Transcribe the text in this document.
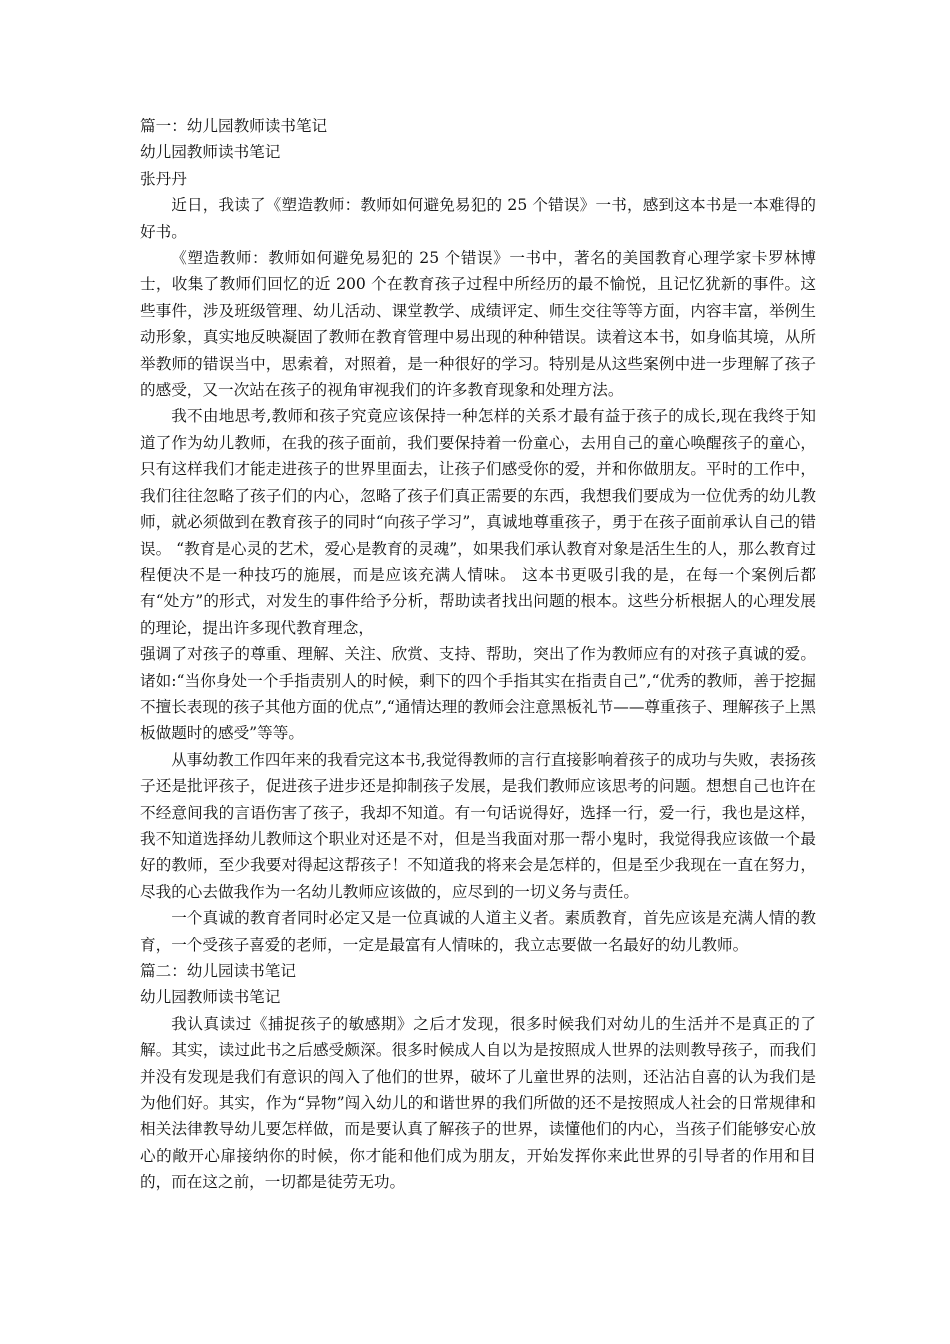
篇一：幼儿园教师读书笔记

幼儿园教师读书笔记

张丹丹

近日，我读了《塑造教师：教师如何避免易犯的 25 个错误》一书，感到这本书是一本难得的好书。

《塑造教师：教师如何避免易犯的 25 个错误》一书中，著名的美国教育心理学家卡罗林博士，收集了教师们回忆的近 200 个在教育孩子过程中所经历的最不愉悦，且记忆犹新的事件。这些事件，涉及班级管理、幼儿活动、课堂教学、成绩评定、师生交往等等方面，内容丰富，举例生动形象，真实地反映凝固了教师在教育管理中易出现的种种错误。读着这本书，如身临其境，从所举教师的错误当中，思索着，对照着，是一种很好的学习。特别是从这些案例中进一步理解了孩子的感受，又一次站在孩子的视角审视我们的许多教育现象和处理方法。

我不由地思考,教师和孩子究竟应该保持一种怎样的关系才最有益于孩子的成长,现在我终于知道了作为幼儿教师，在我的孩子面前，我们要保持着一份童心，去用自己的童心唤醒孩子的童心，只有这样我们才能走进孩子的世界里面去，让孩子们感受你的爱，并和你做朋友。平时的工作中，我们往往忽略了孩子们的内心，忽略了孩子们真正需要的东西，我想我们要成为一位优秀的幼儿教师，就必须做到在教育孩子的同时“向孩子学习”，真诚地尊重孩子，勇于在孩子面前承认自己的错误。 “教育是心灵的艺术，爱心是教育的灵魂”，如果我们承认教育对象是活生生的人，那么教育过程便决不是一种技巧的施展，而是应该充满人情味。 这本书更吸引我的是，在每一个案例后都有“处方”的形式，对发生的事件给予分析，帮助读者找出问题的根本。这些分析根据人的心理发展的理论，提出许多现代教育理念，

强调了对孩子的尊重、理解、关注、欣赏、支持、帮助，突出了作为教师应有的对孩子真诚的爱。诸如:“当你身处一个手指责别人的时候，剩下的四个手指其实在指责自己”,“优秀的教师，善于挖掘不擅长表现的孩子其他方面的优点”,“通情达理的教师会注意黑板礼节——尊重孩子、理解孩子上黑板做题时的感受”等等。

从事幼教工作四年来的我看完这本书,我觉得教师的言行直接影响着孩子的成功与失败，表扬孩子还是批评孩子，促进孩子进步还是抑制孩子发展，是我们教师应该思考的问题。想想自己也许在不经意间我的言语伤害了孩子，我却不知道。有一句话说得好，选择一行，爱一行，我也是这样，我不知道选择幼儿教师这个职业对还是不对，但是当我面对那一帮小鬼时，我觉得我应该做一个最好的教师，至少我要对得起这帮孩子！不知道我的将来会是怎样的，但是至少我现在一直在努力，尽我的心去做我作为一名幼儿教师应该做的，应尽到的一切义务与责任。

一个真诚的教育者同时必定又是一位真诚的人道主义者。素质教育，首先应该是充满人情的教育，一个受孩子喜爱的老师，一定是最富有人情味的，我立志要做一名最好的幼儿教师。

篇二：幼儿园读书笔记

幼儿园教师读书笔记

我认真读过《捕捉孩子的敏感期》之后才发现，很多时候我们对幼儿的生活并不是真正的了解。其实，读过此书之后感受颇深。很多时候成人自以为是按照成人世界的法则教导孩子，而我们并没有发现是我们有意识的闯入了他们的世界，破坏了儿童世界的法则，还沾沾自喜的认为我们是为他们好。其实，作为“异物”闯入幼儿的和谐世界的我们所做的还不是按照成人社会的日常规律和相关法律教导幼儿要怎样做，而是要认真了解孩子的世界，读懂他们的内心，当孩子们能够安心放心的敞开心扉接纳你的时候，你才能和他们成为朋友，开始发挥你来此世界的引导者的作用和目的，而在这之前，一切都是徒劳无功。
